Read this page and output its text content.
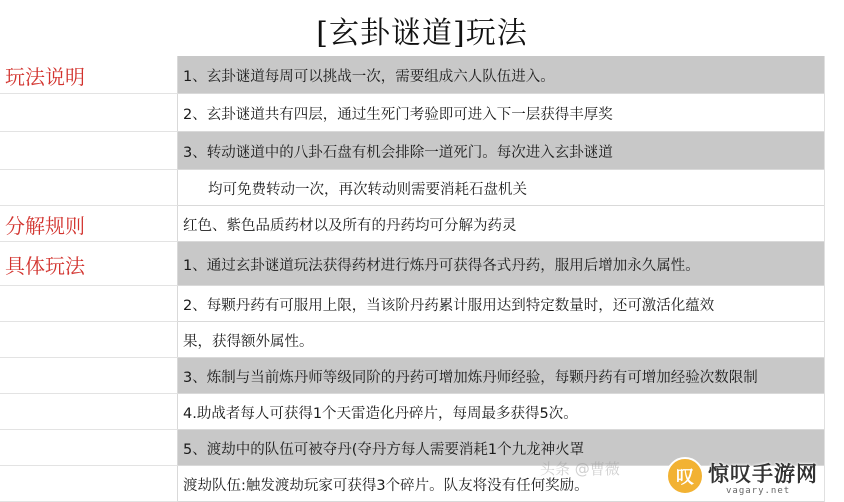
[玄卦谜道]玩法
玩法说明	1、玄卦谜道每周可以挑战一次，需要组成六人队伍进入。
2、玄卦谜道共有四层，通过生死门考验即可进入下一层获得丰厚奖
3、转动谜道中的八卦石盘有机会排除一道死门。每次进入玄卦谜道
均可免费转动一次，再次转动则需要消耗石盘机关
分解规则	红色、紫色品质药材以及所有的丹药均可分解为药灵
具体玩法	1、通过玄卦谜道玩法获得药材进行炼丹可获得各式丹药，服用后增加永久属性。
2、每颗丹药有可服用上限，当该阶丹药累计服用达到特定数量时，还可激活化蕴效
果，获得额外属性。
3、炼制与当前炼丹师等级同阶的丹药可增加炼丹师经验，每颗丹药有可增加经验次数限制
4.助战者每人可获得1个天雷造化丹碎片，每周最多获得5次。
5、渡劫中的队伍可被夺丹(夺丹方每人需要消耗1个九龙神火罩
渡劫队伍:触发渡劫玩家可获得3个碎片。队友将没有任何奖励。
头条 @曹薇	叹 惊叹手游网
vagary.net
